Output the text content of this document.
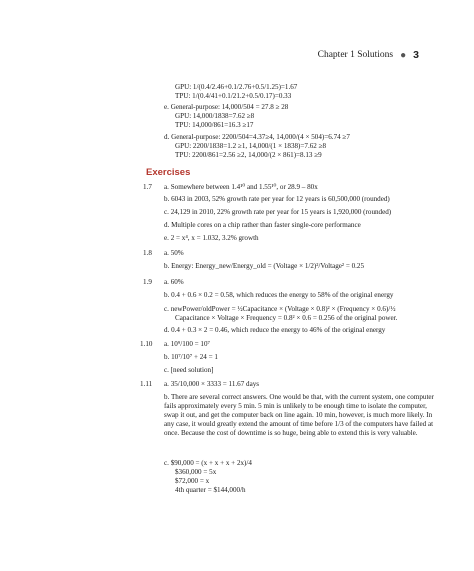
Chapter 1 Solutions ● 3
GPU: 1/(0.4/2.46+0.1/2.76+0.5/1.25)=1.67
TPU: 1/(0.4/41+0.1/21.2+0.5/0.17)=0.33
e. General-purpose: 14,000/504 = 27.8 ≥ 28
GPU: 14,000/1838=7.62 ≥8
TPU: 14,000/861=16.3 ≥17
d. General-purpose: 2200/504=4.37≥4, 14,000/(4 × 504)=6.74 ≥7
GPU: 2200/1838=1.2 ≥1, 14,000/(1 × 1838)=7.62 ≥8
TPU: 2200/861=2.56 ≥2, 14,000/(2 × 861)=8.13 ≥9
Exercises
1.7 a. Somewhere between 1.4¹⁰ and 1.55¹⁰, or 28.9 – 80x
b. 6043 in 2003, 52% growth rate per year for 12 years is 60,500,000 (rounded)
c. 24,129 in 2010, 22% growth rate per year for 15 years is 1,920,000 (rounded)
d. Multiple cores on a chip rather than faster single-core performance
e. 2 = x⁴, x = 1.032, 3.2% growth
1.8 a. 50%
b. Energy: Energy_new/Energy_old = (Voltage × 1/2)²/Voltage² = 0.25
1.9 a. 60%
b. 0.4 + 0.6 × 0.2 = 0.58, which reduces the energy to 58% of the original energy
c. newPower/oldPower = ½Capacitance × (Voltage × 0.8)² × (Frequency × 0.6)/½
Capacitance × Voltage × Frequency = 0.8² × 0.6 = 0.256 of the original power.
d. 0.4 + 0.3 × 2 = 0.46, which reduce the energy to 46% of the original energy
1.10 a. 10⁹/100 = 10⁷
b. 10⁷/10⁷ + 24 = 1
c. [need solution]
1.11 a. 35/10,000 × 3333 = 11.67 days
b. There are several correct answers. One would be that, with the current system, one computer fails approximately every 5 min. 5 min is unlikely to be enough time to isolate the computer, swap it out, and get the computer back on line again. 10 min, however, is much more likely. In any case, it would greatly extend the amount of time before 1/3 of the computers have failed at once. Because the cost of downtime is so huge, being able to extend this is very valuable.
c. $90,000 = (x + x + x + 2x)/4
$360,000 = 5x
$72,000 = x
4th quarter = $144,000/h
